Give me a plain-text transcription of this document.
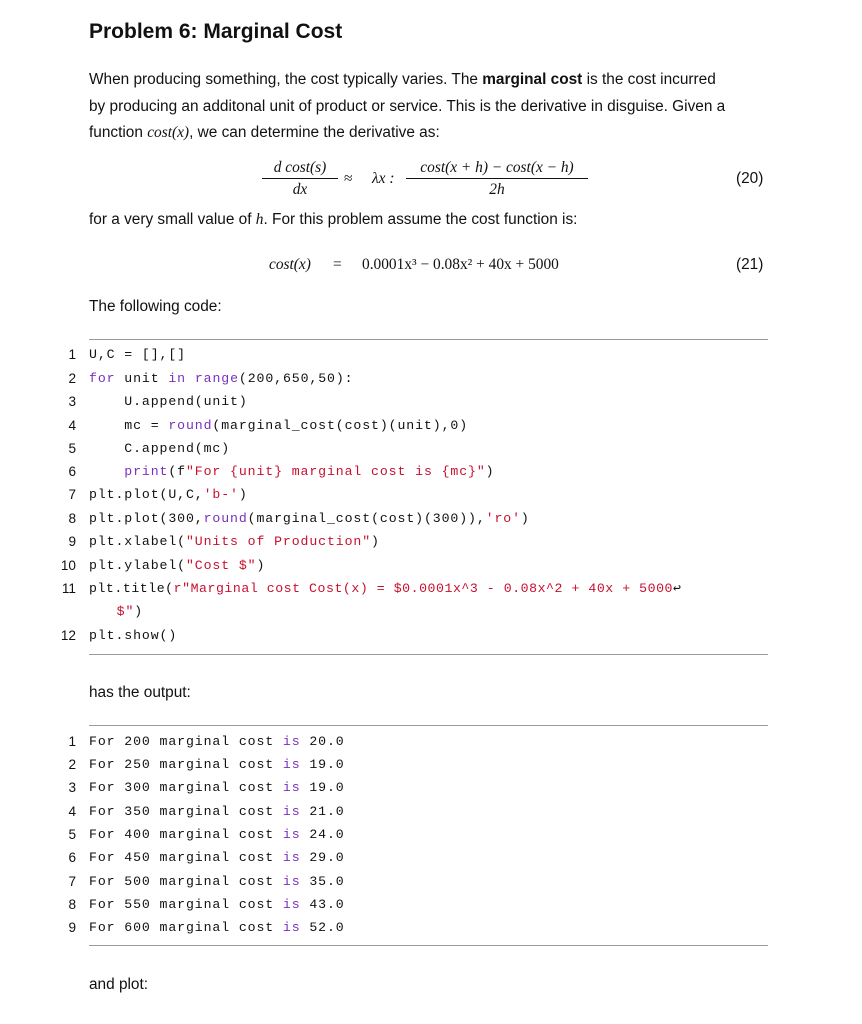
Problem 6: Marginal Cost
When producing something, the cost typically varies. The marginal cost is the cost incurred
by producing an additonal unit of product or service. This is the derivative in disguise. Given a
function cost(x), we can determine the derivative as:
d cost(s)
dx
≈ λx :
cost(x + h) − cost(x − h)
2h
(20)
for a very small value of h. For this problem assume the cost function is:
cost(x) = 0.0001x³ − 0.08x² + 40x + 5000	(21)
The following code:
1
2
3
4
5
6
7
8
9
10
11
12
U,C = [],[]
for unit in range(200,650,50):
U.append(unit)
mc = round(marginal_cost(cost)(unit),0)
C.append(mc)
print(f"For {unit} marginal cost is {mc}")
plt.plot(U,C,'b-')
plt.plot(300,round(marginal_cost(cost)(300)),'ro')
plt.xlabel("Units of Production")
plt.ylabel("Cost $")
plt.title(r"Marginal cost Cost(x) = $0.0001x^3 - 0.08x^2 + 40x + 5000↩
$")
plt.show()
has the output:
1
2
3
4
5
6
7
8
9
For 200 marginal cost is 20.0
For 250 marginal cost is 19.0
For 300 marginal cost is 19.0
For 350 marginal cost is 21.0
For 400 marginal cost is 24.0
For 450 marginal cost is 29.0
For 500 marginal cost is 35.0
For 550 marginal cost is 43.0
For 600 marginal cost is 52.0
and plot:
